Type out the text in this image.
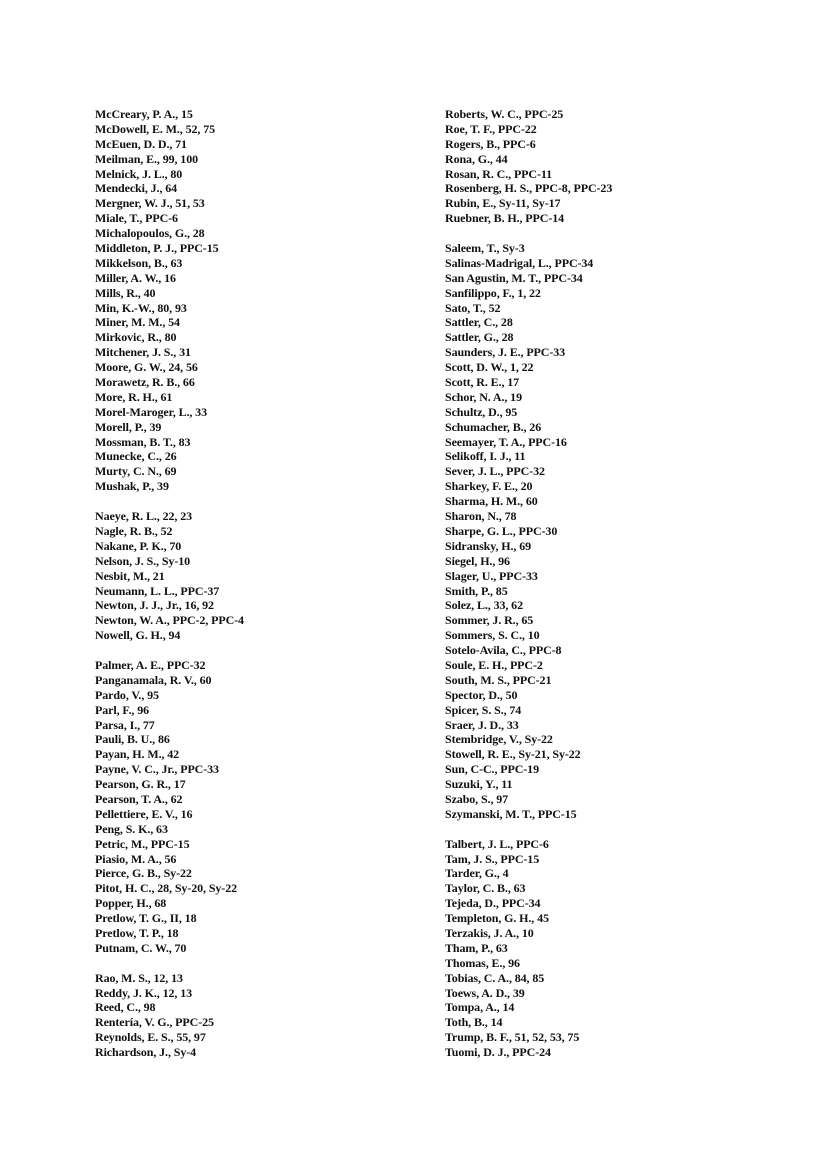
McCreary, P. A., 15
McDowell, E. M., 52, 75
McEuen, D. D., 71
Meilman, E., 99, 100
Melnick, J. L., 80
Mendecki, J., 64
Mergner, W. J., 51, 53
Miale, T., PPC-6
Michalopoulos, G., 28
Middleton, P. J., PPC-15
Mikkelson, B., 63
Miller, A. W., 16
Mills, R., 40
Min, K.-W., 80, 93
Miner, M. M., 54
Mirkovic, R., 80
Mitchener, J. S., 31
Moore, G. W., 24, 56
Morawetz, R. B., 66
More, R. H., 61
Morel-Maroger, L., 33
Morell, P., 39
Mossman, B. T., 83
Munecke, C., 26
Murty, C. N., 69
Mushak, P., 39
Naeye, R. L., 22, 23
Nagle, R. B., 52
Nakane, P. K., 70
Nelson, J. S., Sy-10
Nesbit, M., 21
Neumann, L. L., PPC-37
Newton, J. J., Jr., 16, 92
Newton, W. A., PPC-2, PPC-4
Nowell, G. H., 94
Palmer, A. E., PPC-32
Panganamala, R. V., 60
Pardo, V., 95
Parl, F., 96
Parsa, I., 77
Pauli, B. U., 86
Payan, H. M., 42
Payne, V. C., Jr., PPC-33
Pearson, G. R., 17
Pearson, T. A., 62
Pellettiere, E. V., 16
Peng, S. K., 63
Petric, M., PPC-15
Piasio, M. A., 56
Pierce, G. B., Sy-22
Pitot, H. C., 28, Sy-20, Sy-22
Popper, H., 68
Pretlow, T. G., II, 18
Pretlow, T. P., 18
Putnam, C. W., 70
Rao, M. S., 12, 13
Reddy, J. K., 12, 13
Reed, C., 98
Rentería, V. G., PPC-25
Reynolds, E. S., 55, 97
Richardson, J., Sy-4
Roberts, W. C., PPC-25
Roe, T. F., PPC-22
Rogers, B., PPC-6
Rona, G., 44
Rosan, R. C., PPC-11
Rosenberg, H. S., PPC-8, PPC-23
Rubin, E., Sy-11, Sy-17
Ruebner, B. H., PPC-14
Saleem, T., Sy-3
Salinas-Madrigal, L., PPC-34
San Agustin, M. T., PPC-34
Sanfilippo, F., 1, 22
Sato, T., 52
Sattler, C., 28
Sattler, G., 28
Saunders, J. E., PPC-33
Scott, D. W., 1, 22
Scott, R. E., 17
Schor, N. A., 19
Schultz, D., 95
Schumacher, B., 26
Seemayer, T. A., PPC-16
Selikoff, I. J., 11
Sever, J. L., PPC-32
Sharkey, F. E., 20
Sharma, H. M., 60
Sharon, N., 78
Sharpe, G. L., PPC-30
Sidransky, H., 69
Siegel, H., 96
Slager, U., PPC-33
Smith, P., 85
Solez, L., 33, 62
Sommer, J. R., 65
Sommers, S. C., 10
Sotelo-Avila, C., PPC-8
Soule, E. H., PPC-2
South, M. S., PPC-21
Spector, D., 50
Spicer, S. S., 74
Sraer, J. D., 33
Stembridge, V., Sy-22
Stowell, R. E., Sy-21, Sy-22
Sun, C-C., PPC-19
Suzuki, Y., 11
Szabo, S., 97
Szymanski, M. T., PPC-15
Talbert, J. L., PPC-6
Tam, J. S., PPC-15
Tarder, G., 4
Taylor, C. B., 63
Tejeda, D., PPC-34
Templeton, G. H., 45
Terzakis, J. A., 10
Tham, P., 63
Thomas, E., 96
Tobias, C. A., 84, 85
Toews, A. D., 39
Tompa, A., 14
Toth, B., 14
Trump, B. F., 51, 52, 53, 75
Tuomi, D. J., PPC-24
